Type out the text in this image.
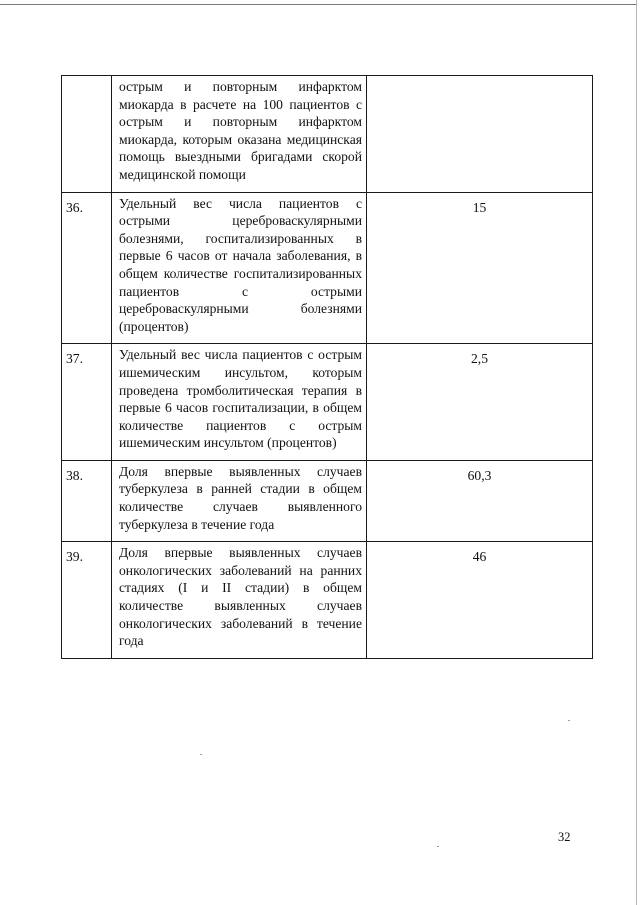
	острым и повторным инфарктом миокарда в расчете на 100 пациентов с острым и повторным инфарктом миокарда, которым оказана медицинская помощь выездными бригадами скорой медицинской помощи	
36.	Удельный вес числа пациентов с острыми цереброваскулярными болезнями, госпитализированных в первые 6 часов от начала заболевания, в общем количестве госпитализированных пациентов с острыми цереброваскулярными болезнями (процентов)	15
37.	Удельный вес числа пациентов с острым ишемическим инсультом, которым проведена тромболитическая терапия в первые 6 часов госпитализации, в общем количестве пациентов с острым ишемическим инсультом (процентов)	2,5
38.	Доля впервые выявленных случаев туберкулеза в ранней стадии в общем количестве случаев выявленного туберкулеза в течение года	60,3
39.	Доля впервые выявленных случаев онкологических заболеваний на ранних стадиях (I и II стадии) в общем количестве выявленных случаев онкологических заболеваний в течение года	46
32
